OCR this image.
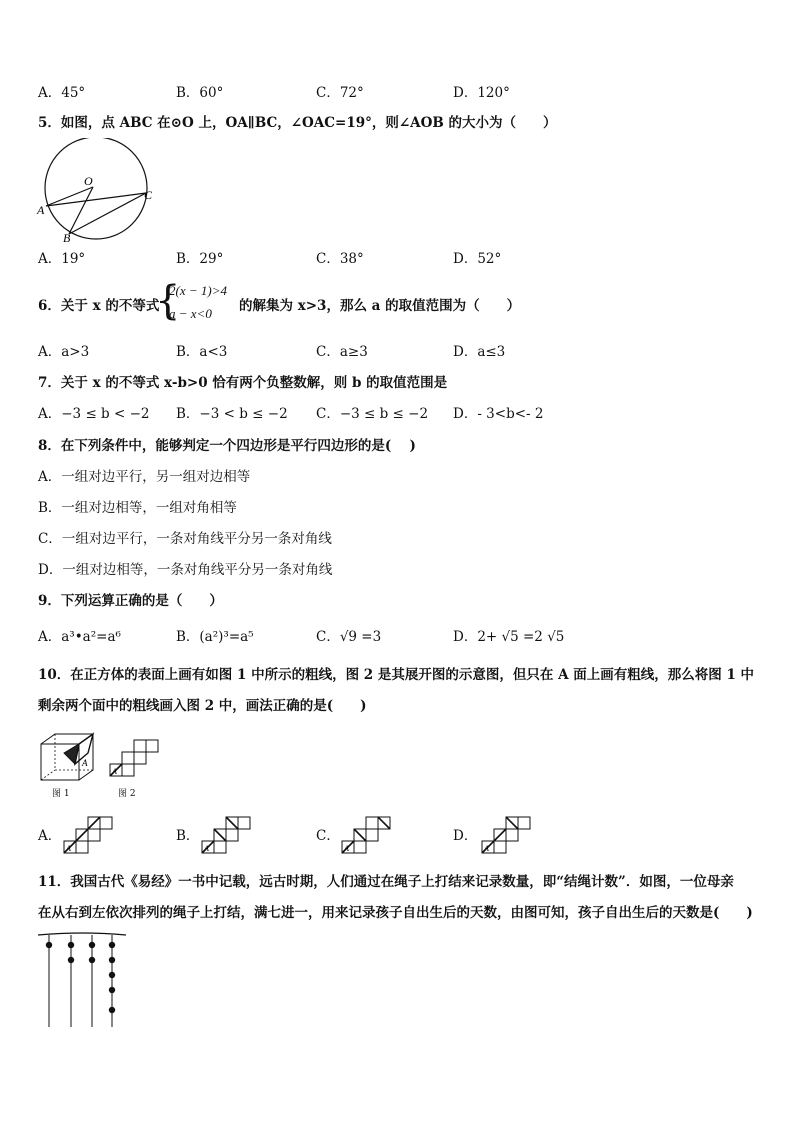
A．45°	B．60°	C．72°	D．120°
5．如图，点 ABC 在⊙O 上，OA∥BC，∠OAC=19°，则∠AOB 的大小为（　　）
O
A
B
C
A．19°	B．29°	C．38°	D．52°
6．关于 x 的不等式
{
2(x − 1)>4
a − x<0 的解集为 x>3，那么 a 的取值范围为（　　）
A．a>3	B．a<3	C．a≥3	D．a≤3
7．关于 x 的不等式 x-b>0 恰有两个负整数解，则 b 的取值范围是
A．−3 ≤ b < −2 B．−3 < b ≤ −2 C．−3 ≤ b ≤ −2 D．- 3<b<- 2
8．在下列条件中，能够判定一个四边形是平行四边形的是(　 )
A．一组对边平行，另一组对边相等
B．一组对边相等，一组对角相等
C．一组对边平行，一条对角线平分另一条对角线
D．一组对边相等，一条对角线平分另一条对角线
9．下列运算正确的是（　　）
A．a³•a²=a⁶	B．(a²)³=a⁵	C．√9 =3	D．2+ √5 =2 √5
10．在正方体的表面上画有如图 1 中所示的粗线，图 2 是其展开图的示意图，但只在 A 面上画有粗线，那么将图 1 中
剩余两个面中的粗线画入图 2 中，画法正确的是(　　)
A
图 1
A
图 2
A．
A
B．
A
C．
A
D．
A
11．我国古代《易经》一书中记载，远古时期，人们通过在绳子上打结来记录数量，即“结绳计数”．如图，一位母亲
在从右到左依次排列的绳子上打结，满七进一，用来记录孩子自出生后的天数，由图可知，孩子自出生后的天数是(　　)
